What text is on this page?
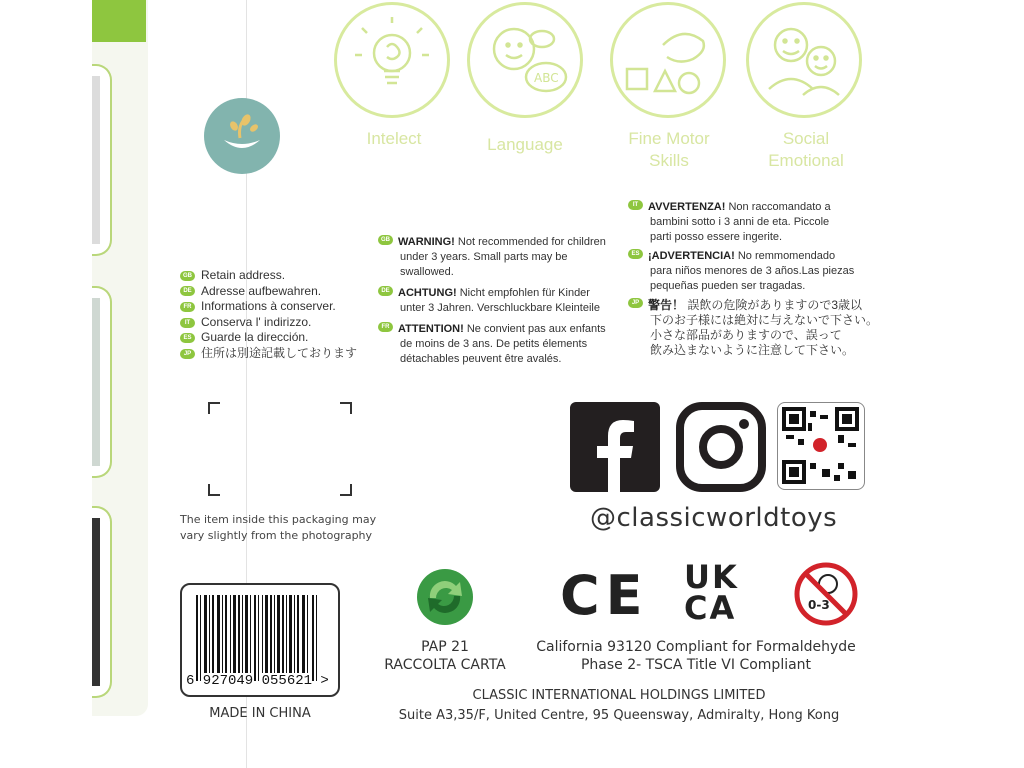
ABC
Intelect	Language	Fine Motor Skills
Social Emotional
GB Retain address.
DE Adresse aufbewahren.
FR Informations à conserver.
IT Conserva l' indirizzo.
ES Guarde la dirección.
JP 住所は別途記載しております
GB WARNING! Not recommended for children
under 3 years. Small parts may be
swallowed.
DE ACHTUNG! Nicht empfohlen für Kinder
unter 3 Jahren. Verschluckbare Kleinteile
FR ATTENTION! Ne convient pas aux enfants
de moins de 3 ans. De petits élements
détachables peuvent être avalés.
IT AVVERTENZA! Non raccomandato a
bambini sotto i 3 anni de eta. Piccole
parti posso essere ingerite.
ES ¡ADVERTENCIA! No remmomendado
para niños menores de 3 años.Las piezas
pequeñas pueden ser tragadas.
JP 警告！ 誤飲の危険がありますので3歳以
下のお子様には絶対に与えないで下さい。
小さな部品がありますので、誤って
飲み込まないように注意して下さい。
The item inside this packaging may
vary slightly from the photography
@classicworldtoys
6 927049 055621 >
MADE IN CHINA
PAP 21
RACCOLTA CARTA
CE UK
CA	0-3
California 93120 Compliant for Formaldehyde
Phase 2- TSCA Title VI Compliant
CLASSIC INTERNATIONAL HOLDINGS LIMITED
Suite A3,35/F, United Centre, 95 Queensway, Admiralty, Hong Kong
